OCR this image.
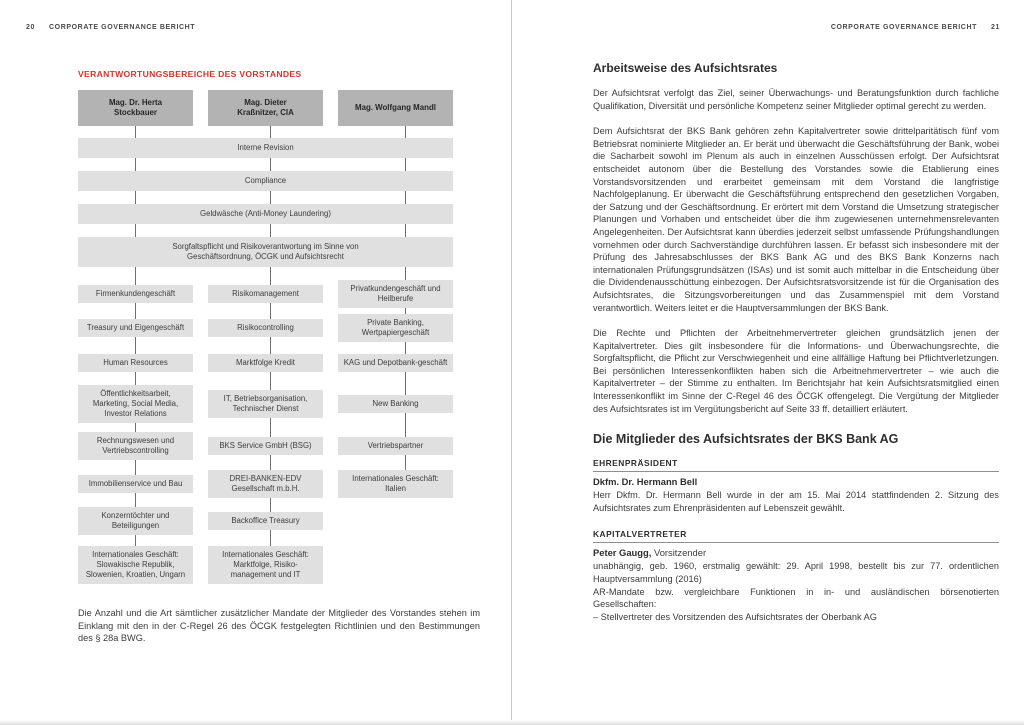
20 CORPORATE GOVERNANCE BERICHT
VERANTWORTUNGSBEREICHE DES VORSTANDES
Mag. Dr. Herta Stockbauer
Mag. Dieter Kraßnitzer, CIA
Mag. Wolfgang Mandl
Interne Revision
Compliance
Geldwäsche (Anti-Money Laundering)
Sorgfaltspflicht und Risikoverantwortung im Sinne von Geschäftsordnung, ÖCGK und Aufsichtsrecht
Firmenkundengeschäft	Risikomanagement
Privatkundengeschäft und Heilberufe
Treasury und Eigengeschäft	Risikocontrolling
Private Banking, Wertpapiergeschäft
Human Resources	Marktfolge Kredit	KAG und Depotbank-geschäft
Öffentlichkeitsarbeit, Marketing, Social Media, Investor Relations
IT, Betriebsorganisation, Technischer Dienst
New Banking
Rechnungswesen und Vertriebscontrolling
BKS Service GmbH (BSG)	Vertriebspartner
Immobilienservice und Bau
DREI-BANKEN-EDV Gesellschaft m.b.H.
Internationales Geschäft: Italien
Konzerntöchter und Beteiligungen
Backoffice Treasury
Internationales Geschäft: Slowakische Republik, Slowenien, Kroatien, Ungarn
Internationales Geschäft: Marktfolge, Risiko-management und IT
Die Anzahl und die Art sämtlicher zusätzlicher Mandate der Mitglieder des Vorstandes stehen im Einklang mit den in der C-Regel 26 des ÖCGK festgelegten Richtlinien und den Bestimmungen des § 28a BWG.
CORPORATE GOVERNANCE BERICHT 21
Arbeitsweise des Aufsichtsrates

Der Aufsichtsrat verfolgt das Ziel, seiner Überwachungs- und Beratungsfunktion durch fachliche Qualifikation, Diversität und persönliche Kompetenz seiner Mitglieder optimal gerecht zu werden.

Dem Aufsichtsrat der BKS Bank gehören zehn Kapitalvertreter sowie drittelparitätisch fünf vom Betriebsrat nominierte Mitglieder an. Er berät und überwacht die Geschäftsführung der Bank, wobei die Sacharbeit sowohl im Plenum als auch in einzelnen Ausschüssen erfolgt. Der Aufsichtsrat entscheidet autonom über die Bestellung des Vorstandes sowie die Etablierung eines Vorstandsvorsitzenden und erarbeitet gemeinsam mit dem Vorstand die langfristige Nachfolgeplanung. Er überwacht die Geschäftsführung entsprechend den gesetzlichen Vorgaben, der Satzung und der Geschäftsordnung. Er erörtert mit dem Vorstand die Umsetzung strategischer Planungen und Vorhaben und entscheidet über die ihm zugewiesenen unternehmensrelevanten Angelegenheiten. Der Aufsichtsrat kann überdies jederzeit selbst umfassende Prüfungshandlungen vornehmen oder durch Sachverständige durchführen lassen. Er befasst sich insbesondere mit der Prüfung des Jahresabschlusses der BKS Bank AG und des BKS Bank Konzerns nach internationalen Prüfungsgrundsätzen (ISAs) und ist somit auch mittelbar in die Entscheidung über die Dividendenausschüttung einbezogen. Der Aufsichtsratsvorsitzende ist für die Organisation des Aufsichtsrates, die Sitzungsvorbereitungen und das Zusammenspiel mit dem Vorstand verantwortlich. Weiters leitet er die Hauptversammlungen der BKS Bank.

Die Rechte und Pflichten der Arbeitnehmervertreter gleichen grundsätzlich jenen der Kapitalvertreter. Dies gilt insbesondere für die Informations- und Überwachungsrechte, die Sorgfaltspflicht, die Pflicht zur Verschwiegenheit und eine allfällige Haftung bei Pflichtverletzungen. Bei persönlichen Interessenkonflikten haben sich die Arbeitnehmervertreter – wie auch die Kapitalvertreter – der Stimme zu enthalten. Im Berichtsjahr hat kein Aufsichtsratsmitglied einen Interessenkonflikt im Sinne der C-Regel 46 des ÖCGK offengelegt. Die Vergütung der Mitglieder des Aufsichtsrates ist im Vergütungsbericht auf Seite 33 ff. detailliert erläutert.

Die Mitglieder des Aufsichtsrates der BKS Bank AG
EHRENPRÄSIDENT
Dkfm. Dr. Hermann Bell
Herr Dkfm. Dr. Hermann Bell wurde in der am 15. Mai 2014 stattfindenden 2. Sitzung des Aufsichtsrates zum Ehrenpräsidenten auf Lebenszeit gewählt.
KAPITALVERTRETER
Peter Gaugg, Vorsitzender
unabhängig, geb. 1960, erstmalig gewählt: 29. April 1998, bestellt bis zur 77. ordentlichen Hauptversammlung (2016)
AR-Mandate bzw. vergleichbare Funktionen in in- und ausländischen börsenotierten Gesellschaften:
– Stellvertreter des Vorsitzenden des Aufsichtsrates der Oberbank AG
